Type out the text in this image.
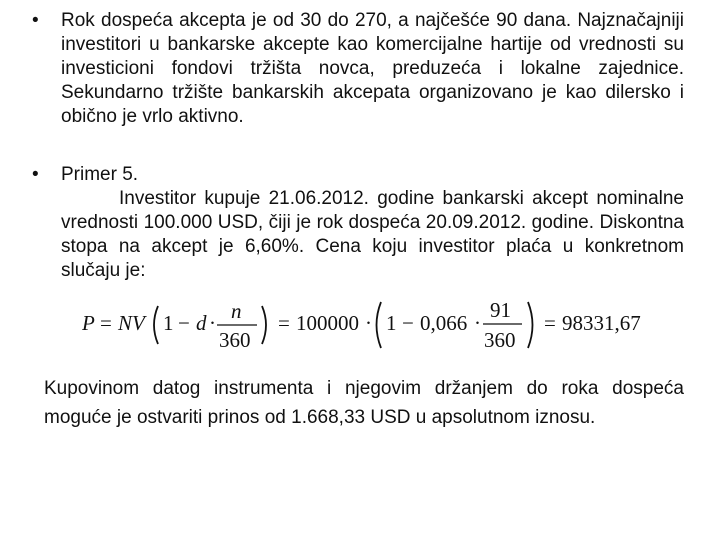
• Rok dospeća akcepta je od 30 do 270, a najčešće 90 dana. Najznačajniji investitori u bankarske akcepte kao komercijalne hartije od vrednosti su investicioni fondovi tržišta novca, preduzeća i lokalne zajednice. Sekundarno tržište bankarskih akcepata organizovano je kao dilersko i obično je vrlo aktivno.
• Primer 5.
Investitor kupuje 21.06.2012. godine bankarski akcept nominalne vrednosti 100.000 USD, čiji je rok dospeća 20.09.2012. godine. Diskontna stopa na akcept je 6,60%. Cena koju investitor plaća u konkretnom slučaju je:
P = NV 1 − d · n
360
= 100000 · 1 − 0,066 ·
91
360
= 98331,67
Kupovinom datog instrumenta i njegovim držanjem do roka dospeća moguće je ostvariti prinos od 1.668,33 USD u apsolutnom iznosu.
